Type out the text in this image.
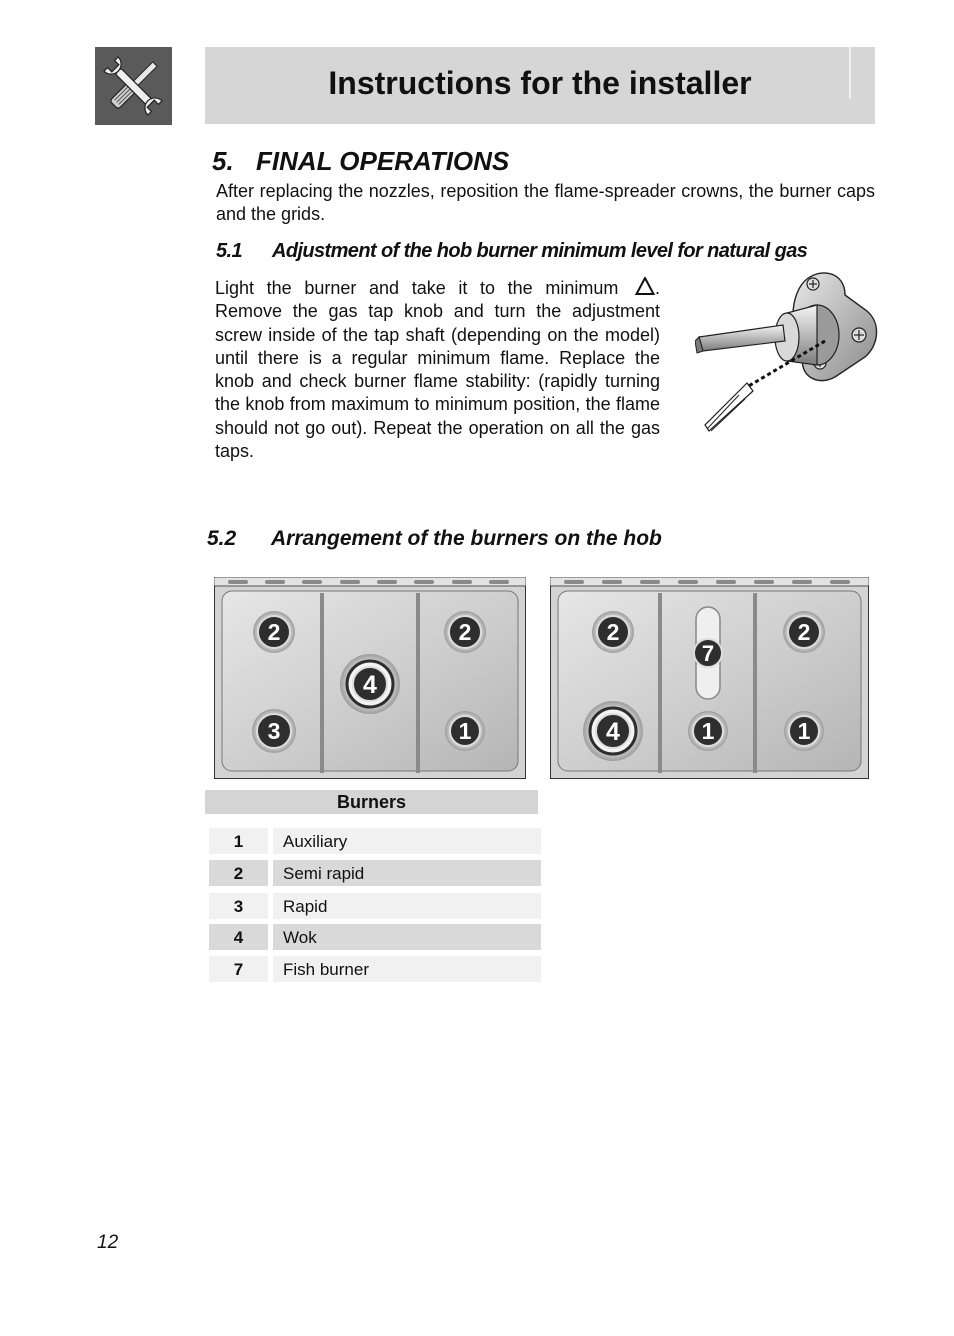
Instructions for the installer
5. FINAL OPERATIONS
After replacing the nozzles, reposition the flame-spreader crowns, the burner caps and the grids.
5.1 Adjustment of the hob burner minimum level for natural gas
Light the burner and take it to the minimum . Remove the gas tap knob and turn the adjustment screw inside of the tap shaft (depending on the model) until there is a regular minimum flame. Replace the knob and check burner flame stability: (rapidly turning the knob from maximum to minimum position, the flame should not go out). Repeat the operation on all the gas taps.
5.2 Arrangement of the burners on the hob
2
4
2
3	1
2
7
2
4	1	1
Burners
1	Auxiliary
2	Semi rapid
3	Rapid
4	Wok
7	Fish burner
12
